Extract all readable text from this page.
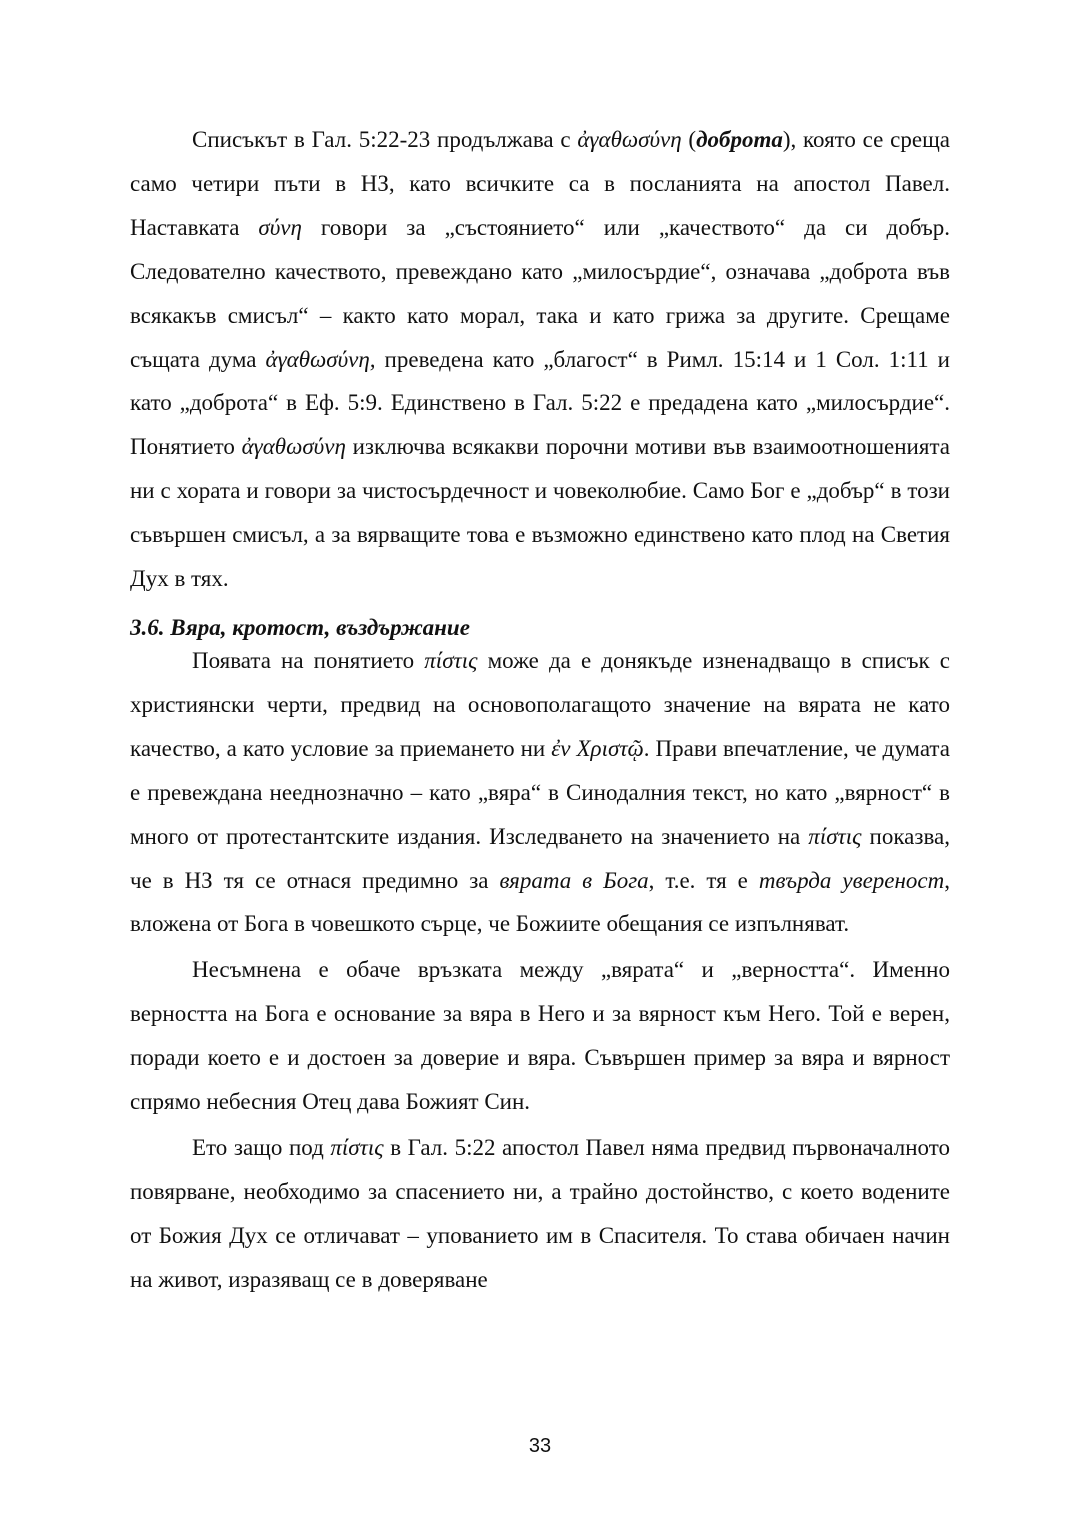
Списъкът в Гал. 5:22-23 продължава с ἀγαθωσύνη (доброта), която се среща само четири пъти в НЗ, като всичките са в посланията на апостол Павел. Наставката σύνη говори за „състоянието“ или „качеството“ да си добър. Следователно качеството, превеждано като „милосърдие“, означава „доброта във всякакъв смисъл“ – както като морал, така и като грижа за другите. Срещаме същата дума ἀγαθωσύνη, преведена като „благост“ в Римл. 15:14 и 1 Сол. 1:11 и като „доброта“ в Еф. 5:9. Единствено в Гал. 5:22 е предадена като „милосърдие“. Понятието ἀγαθωσύνη изключва всякакви порочни мотиви във взаимоотношенията ни с хората и говори за чистосърдечност и човеколюбие. Само Бог е „добър“ в този съвършен смисъл, а за вярващите това е възможно единствено като плод на Светия Дух в тях.

3.6. Вяра, кротост, въздържание

Появата на понятието πίστις може да е донякъде изненадващо в списък с християнски черти, предвид на основополагащото значение на вярата не като качество, а като условие за приемането ни ἐν Χριστῷ. Прави впечатление, че думата е превеждана нееднозначно – като „вяра“ в Синодалния текст, но като „вярност“ в много от протестантските издания. Изследването на значението на πίστις показва, че в НЗ тя се отнася предимно за вярата в Бога, т.е. тя е твърда увереност, вложена от Бога в човешкото сърце, че Божиите обещания се изпълняват.

Несъмнена е обаче връзката между „вярата“ и „верността“. Именно верността на Бога е основание за вяра в Него и за вярност към Него. Той е верен, поради което е и достоен за доверие и вяра. Съвършен пример за вяра и вярност спрямо небесния Отец дава Божият Син.

Ето защо под πίστις в Гал. 5:22 апостол Павел няма предвид първоначалното повярване, необходимо за спасението ни, а трайно достойнство, с което водените от Божия Дух се отличават – упованието им в Спасителя. То става обичаен начин на живот, изразяващ се в доверяване

33
